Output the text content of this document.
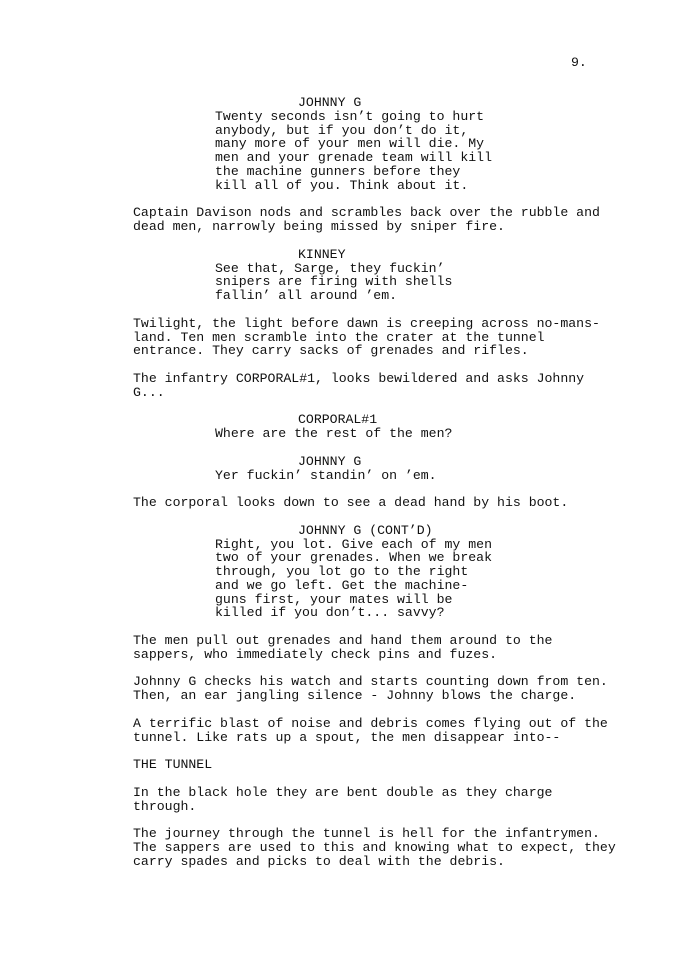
9.
JOHNNY G
Twenty seconds isn’t going to hurt
anybody, but if you don’t do it,
many more of your men will die. My
men and your grenade team will kill
the machine gunners before they
kill all of you. Think about it.
Captain Davison nods and scrambles back over the rubble and
dead men, narrowly being missed by sniper fire.
KINNEY
See that, Sarge, they fuckin’
snipers are firing with shells
fallin’ all around ’em.
Twilight, the light before dawn is creeping across no-mans-
land. Ten men scramble into the crater at the tunnel
entrance. They carry sacks of grenades and rifles.
The infantry CORPORAL#1, looks bewildered and asks Johnny
G...
CORPORAL#1
Where are the rest of the men?
JOHNNY G
Yer fuckin’ standin’ on ’em.
The corporal looks down to see a dead hand by his boot.
JOHNNY G (CONT’D)
Right, you lot. Give each of my men
two of your grenades. When we break
through, you lot go to the right
and we go left. Get the machine-
guns first, your mates will be
killed if you don’t... savvy?
The men pull out grenades and hand them around to the
sappers, who immediately check pins and fuzes.
Johnny G checks his watch and starts counting down from ten.
Then, an ear jangling silence - Johnny blows the charge.
A terrific blast of noise and debris comes flying out of the
tunnel. Like rats up a spout, the men disappear into--
THE TUNNEL
In the black hole they are bent double as they charge
through.
The journey through the tunnel is hell for the infantrymen.
The sappers are used to this and knowing what to expect, they
carry spades and picks to deal with the debris.
